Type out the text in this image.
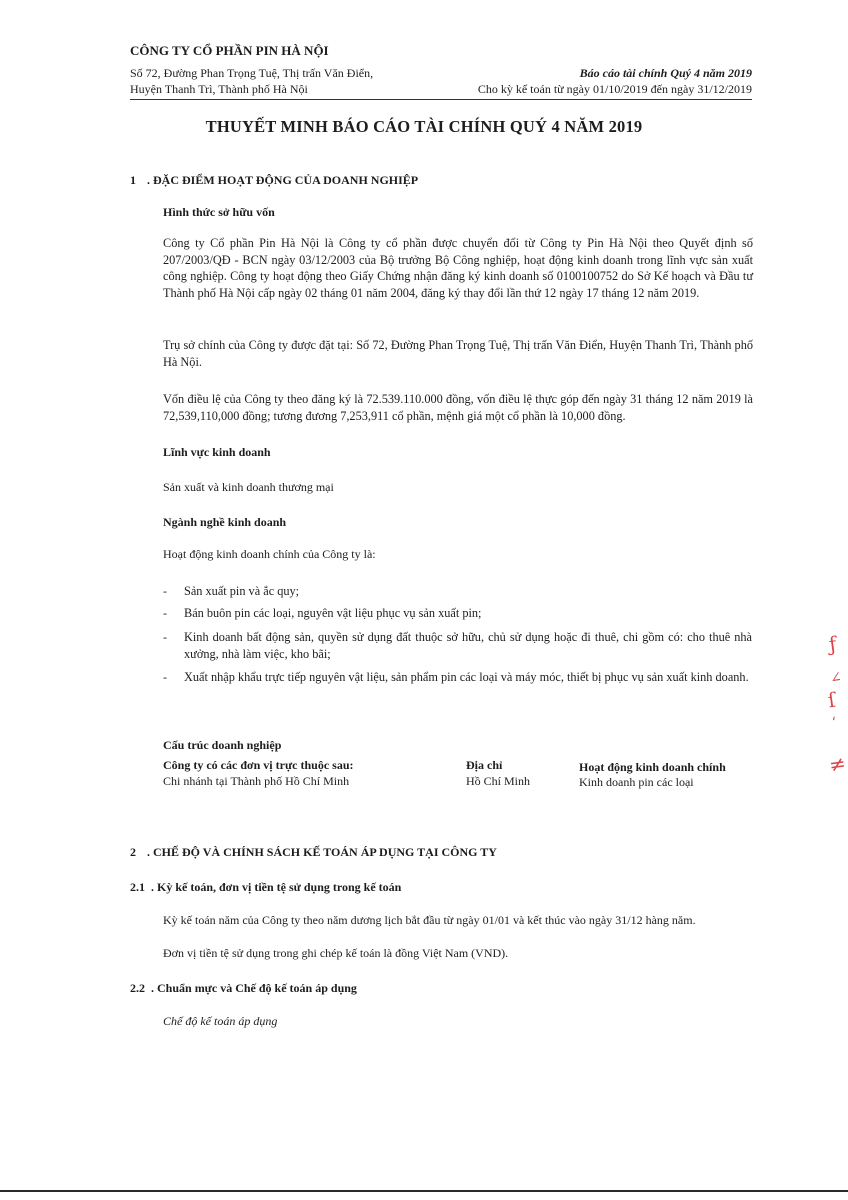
CÔNG TY CỔ PHẦN PIN HÀ NỘI
Số 72, Đường Phan Trọng Tuệ, Thị trấn Văn Điển,
Huyện Thanh Trì, Thành phố Hà Nội
Báo cáo tài chính Quý 4 năm 2019
Cho kỳ kế toán từ ngày 01/10/2019 đến ngày 31/12/2019
THUYẾT MINH BÁO CÁO TÀI CHÍNH QUÝ 4 NĂM 2019
1 . ĐẶC ĐIỂM HOẠT ĐỘNG CỦA DOANH NGHIỆP
Hình thức sở hữu vốn
Công ty Cổ phần Pin Hà Nội là Công ty cổ phần được chuyển đổi từ Công ty Pin Hà Nội theo Quyết định số 207/2003/QĐ - BCN ngày 03/12/2003 của Bộ trưởng Bộ Công nghiệp, hoạt động kinh doanh trong lĩnh vực sản xuất công nghiệp. Công ty hoạt động theo Giấy Chứng nhận đăng ký kinh doanh số 0100100752 do Sở Kế hoạch và Đầu tư Thành phố Hà Nội cấp ngày 02 tháng 01 năm 2004, đăng ký thay đổi lần thứ 12 ngày 17 tháng 12 năm 2019.
Trụ sở chính của Công ty được đặt tại: Số 72, Đường Phan Trọng Tuệ, Thị trấn Văn Điển, Huyện Thanh Trì, Thành phố Hà Nội.
Vốn điều lệ của Công ty theo đăng ký là 72.539.110.000 đồng, vốn điều lệ thực góp đến ngày 31 tháng 12 năm 2019 là 72,539,110,000 đồng; tương đương 7,253,911 cổ phần, mệnh giá một cổ phần là 10,000 đồng.
Lĩnh vực kinh doanh
Sản xuất và kinh doanh thương mại
Ngành nghề kinh doanh
Hoạt động kinh doanh chính của Công ty là:
- Sản xuất pin và ắc quy;
- Bán buôn pin các loại, nguyên vật liệu phục vụ sản xuất pin;
- Kinh doanh bất động sản, quyền sử dụng đất thuộc sở hữu, chủ sử dụng hoặc đi thuê, chi gồm có: cho thuê nhà xưởng, nhà làm việc, kho bãi;
- Xuất nhập khẩu trực tiếp nguyên vật liệu, sản phẩm pin các loại và máy móc, thiết bị phục vụ sản xuất kinh doanh.
Cấu trúc doanh nghiệp
Công ty có các đơn vị trực thuộc sau:	Địa chỉ	Hoạt động kinh doanh chính
Chi nhánh tại Thành phố Hồ Chí Minh	Hồ Chí Minh	Kinh doanh pin các loại
2 . CHẾ ĐỘ VÀ CHÍNH SÁCH KẾ TOÁN ÁP DỤNG TẠI CÔNG TY
2.1 . Kỳ kế toán, đơn vị tiền tệ sử dụng trong kế toán
Kỳ kế toán năm của Công ty theo năm dương lịch bắt đầu từ ngày 01/01 và kết thúc vào ngày 31/12 hàng năm.
Đơn vị tiền tệ sử dụng trong ghi chép kế toán là đồng Việt Nam (VND).
2.2 . Chuẩn mực và Chế độ kế toán áp dụng
Chế độ kế toán áp dụng
ƒ
∠
ſ
ʻ
≠
